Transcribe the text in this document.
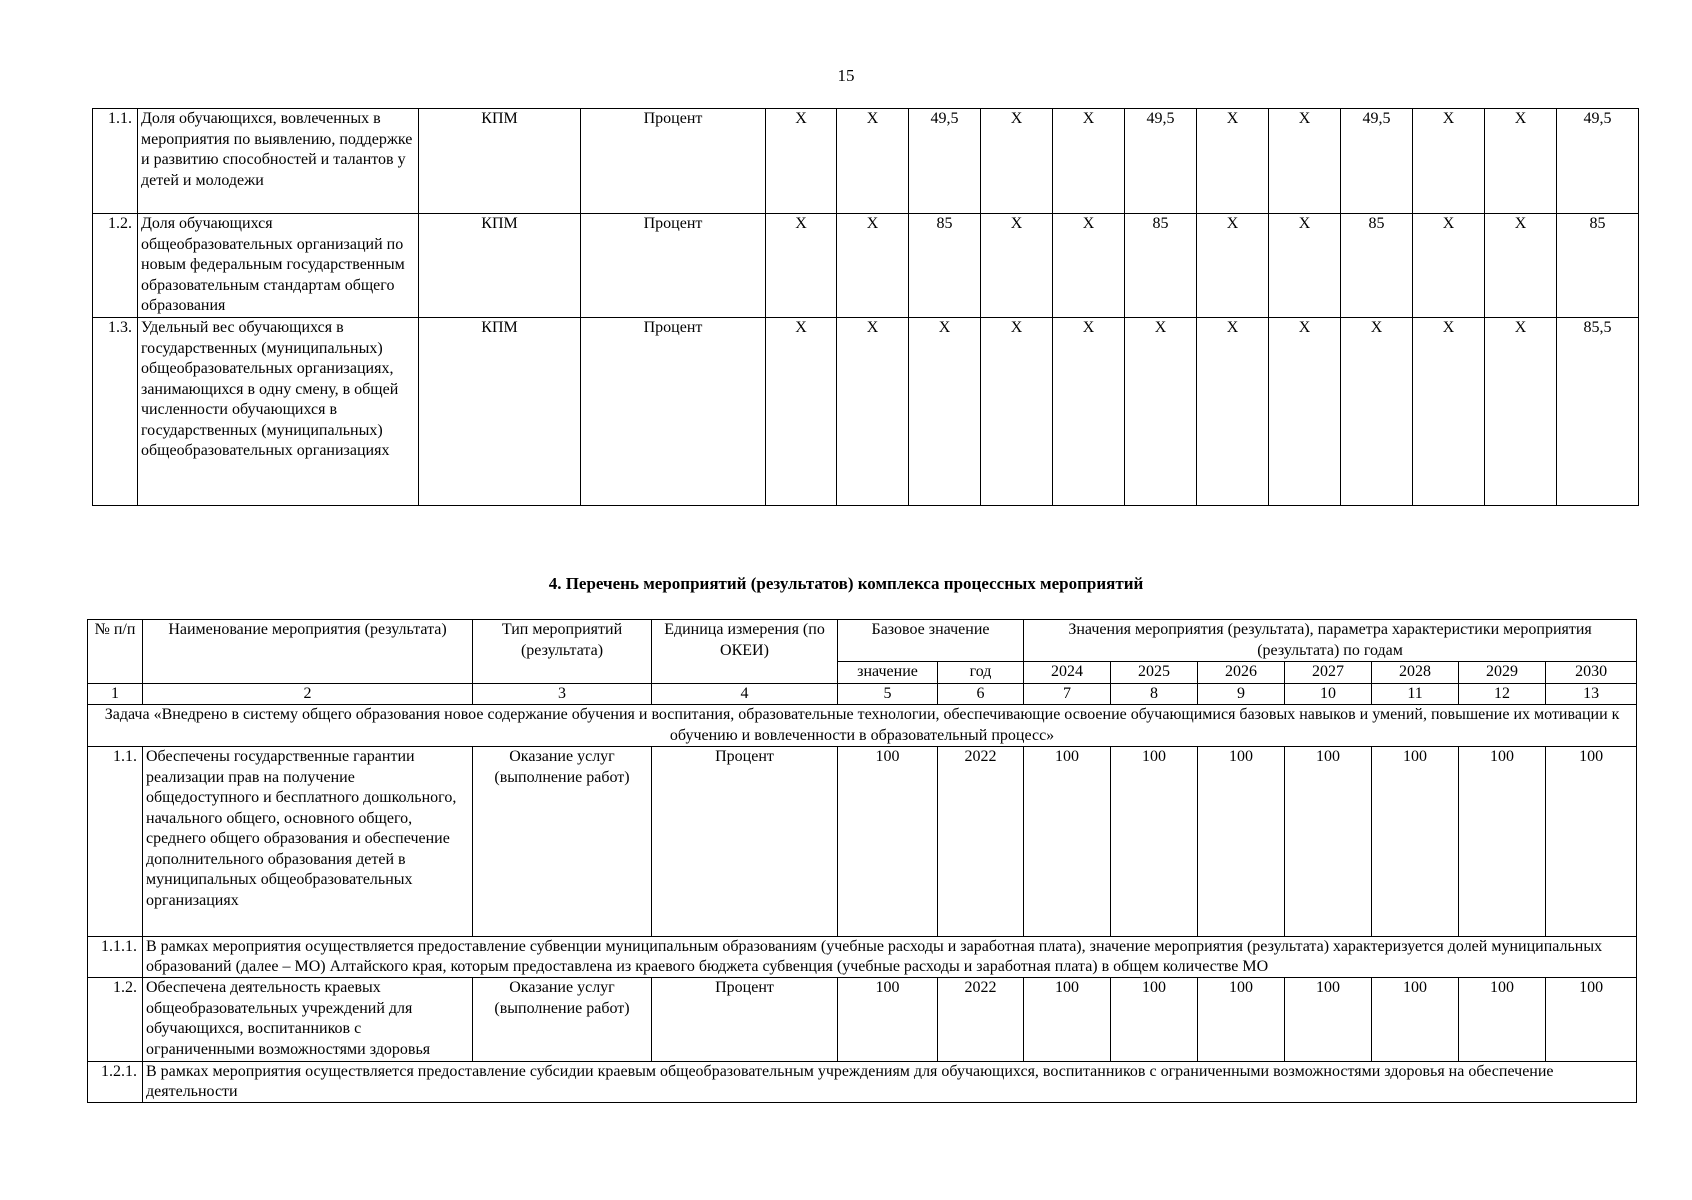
15
1.1.	Доля обучающихся, вовлеченных в мероприятия по выявлению, поддержке и развитию способностей и талантов у детей и молодежи	КПМ	Процент	X	X	49,5	X	X	49,5	X	X	49,5	X	X	49,5
1.2.	Доля обучающихся общеобразовательных организаций по новым федеральным государственным образовательным стандартам общего образования	КПМ	Процент	X	X	85	X	X	85	X	X	85	X	X	85
1.3.	Удельный вес обучающихся в государственных (муниципальных) общеобразовательных организациях, занимающихся в одну смену, в общей численности обучающихся в государственных (муниципальных) общеобразовательных организациях	КПМ	Процент	X	X	X	X	X	X	X	X	X	X	X	85,5
4. Перечень мероприятий (результатов) комплекса процессных мероприятий
№ п/п	Наименование мероприятия (результата)	Тип мероприятий (результата)	Единица измерения (по ОКЕИ)	Базовое значение		Значения мероприятия (результата), параметра характеристики мероприятия (результата) по годам						
				значение	год	2024	2025	2026	2027	2028	2029	2030
1	2	3	4	5	6	7	8	9	10	11	12	13
Задача «Внедрено в систему общего образования новое содержание обучения и воспитания, образовательные технологии, обеспечивающие освоение обучающимися базовых навыков и умений, повышение их мотивации к обучению и вовлеченности в образовательный процесс»												
1.1.	Обеспечены государственные гарантии реализации прав на получение общедоступного и бесплатного дошкольного, начального общего, основного общего, среднего общего образования и обеспечение дополнительного образования детей в муниципальных общеобразовательных организациях	Оказание услуг (выполнение работ)	Процент	100	2022	100	100	100	100	100	100	100
1.1.1.	В рамках мероприятия осуществляется предоставление субвенции муниципальным образованиям (учебные расходы и заработная плата), значение мероприятия (результата) характеризуется долей муниципальных образований (далее – МО) Алтайского края, которым предоставлена из краевого бюджета субвенция (учебные расходы и заработная плата) в общем количестве МО											
1.2.	Обеспечена деятельность краевых общеобразовательных учреждений для обучающихся, воспитанников с ограниченными возможностями здоровья	Оказание услуг (выполнение работ)	Процент	100	2022	100	100	100	100	100	100	100
1.2.1.	В рамках мероприятия осуществляется предоставление субсидии краевым общеобразовательным учреждениям для обучающихся, воспитанников с ограниченными возможностями здоровья на обеспечение деятельности											
